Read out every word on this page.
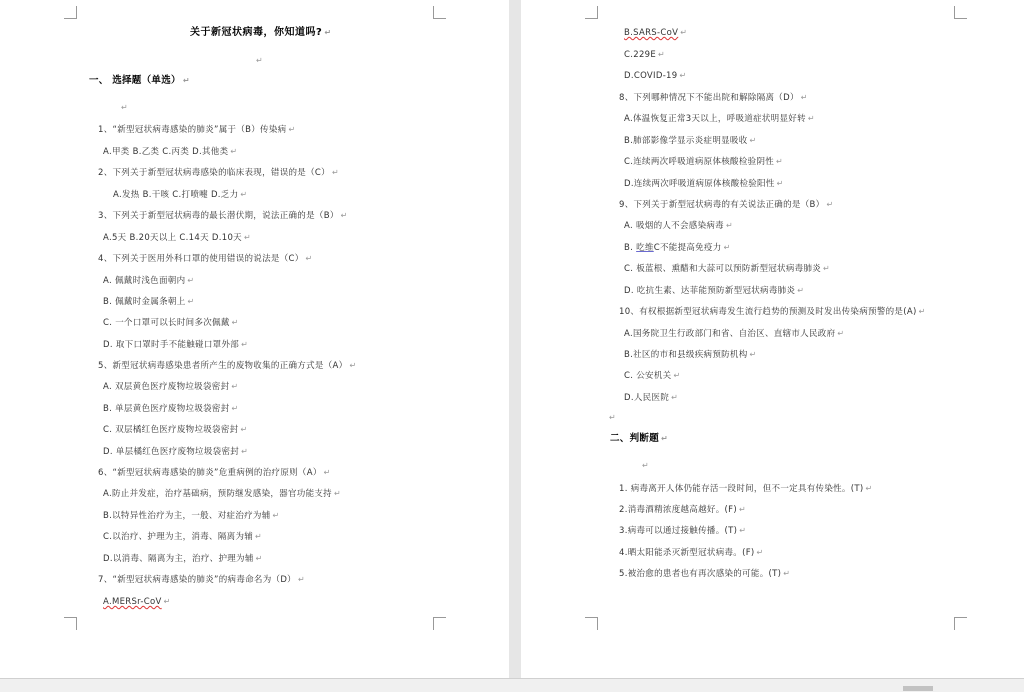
关于新冠状病毒，你知道吗? ↵
↵
一、 选择题（单选） ↵
↵
1、“新型冠状病毒感染的肺炎”属于（B）传染病 ↵
A.甲类 B.乙类 C.丙类 D.其他类 ↵
2、下列关于新型冠状病毒感染的临床表现，错误的是（C） ↵
A.发热 B.干咳 C.打喷嚏 D.乏力 ↵
3、下列关于新型冠状病毒的最长潜伏期，说法正确的是（B） ↵
A.5天 B.20天以上 C.14天 D.10天 ↵
4、下列关于医用外科口罩的使用错误的说法是（C） ↵
A. 佩戴时浅色面朝内 ↵
B. 佩戴时金属条朝上 ↵
C. 一个口罩可以长时间多次佩戴 ↵
D. 取下口罩时手不能触碰口罩外部 ↵
5、新型冠状病毒感染患者所产生的废物收集的正确方式是（A） ↵
A. 双层黄色医疗废物垃圾袋密封 ↵
B. 单层黄色医疗废物垃圾袋密封 ↵
C. 双层橘红色医疗废物垃圾袋密封 ↵
D. 单层橘红色医疗废物垃圾袋密封 ↵
6、“新型冠状病毒感染的肺炎”危重病例的治疗原则（A） ↵
A.防止并发症，治疗基础病，预防继发感染，器官功能支持 ↵
B.以特异性治疗为主，一般、对症治疗为辅 ↵
C.以治疗、护理为主，消毒、隔离为辅 ↵
D.以消毒、隔离为主，治疗、护理为辅 ↵
7、“新型冠状病毒感染的肺炎”的病毒命名为（D） ↵
A.MERSr-CoV ↵
B.SARS-CoV ↵
C.229E ↵
D.COVID-19 ↵
8、下列哪种情况下不能出院和解除隔离（D） ↵
A.体温恢复正常3天以上，呼吸道症状明显好转 ↵
B.肺部影像学显示炎症明显吸收 ↵
C.连续两次呼吸道病原体核酸检验阴性 ↵
D.连续两次呼吸道病原体核酸检验阳性 ↵
9、下列关于新型冠状病毒的有关说法正确的是（B） ↵
A. 吸烟的人不会感染病毒 ↵
B. 吃维C不能提高免疫力 ↵
C. 板蓝根、熏醋和大蒜可以预防新型冠状病毒肺炎 ↵
D. 吃抗生素、达菲能预防新型冠状病毒肺炎 ↵
10、有权根据新型冠状病毒发生流行趋势的预测及时发出传染病预警的是(A) ↵
A.国务院卫生行政部门和省、自治区、直辖市人民政府 ↵
B.社区的市和县级疾病预防机构 ↵
C. 公安机关 ↵
D.人民医院 ↵
↵
二、判断题 ↵
↵
1. 病毒离开人体仍能存活一段时间，但不一定具有传染性。(T) ↵
2.消毒酒精浓度越高越好。(F) ↵
3.病毒可以通过接触传播。(T) ↵
4.晒太阳能杀灭新型冠状病毒。(F) ↵
5.被治愈的患者也有再次感染的可能。(T) ↵
